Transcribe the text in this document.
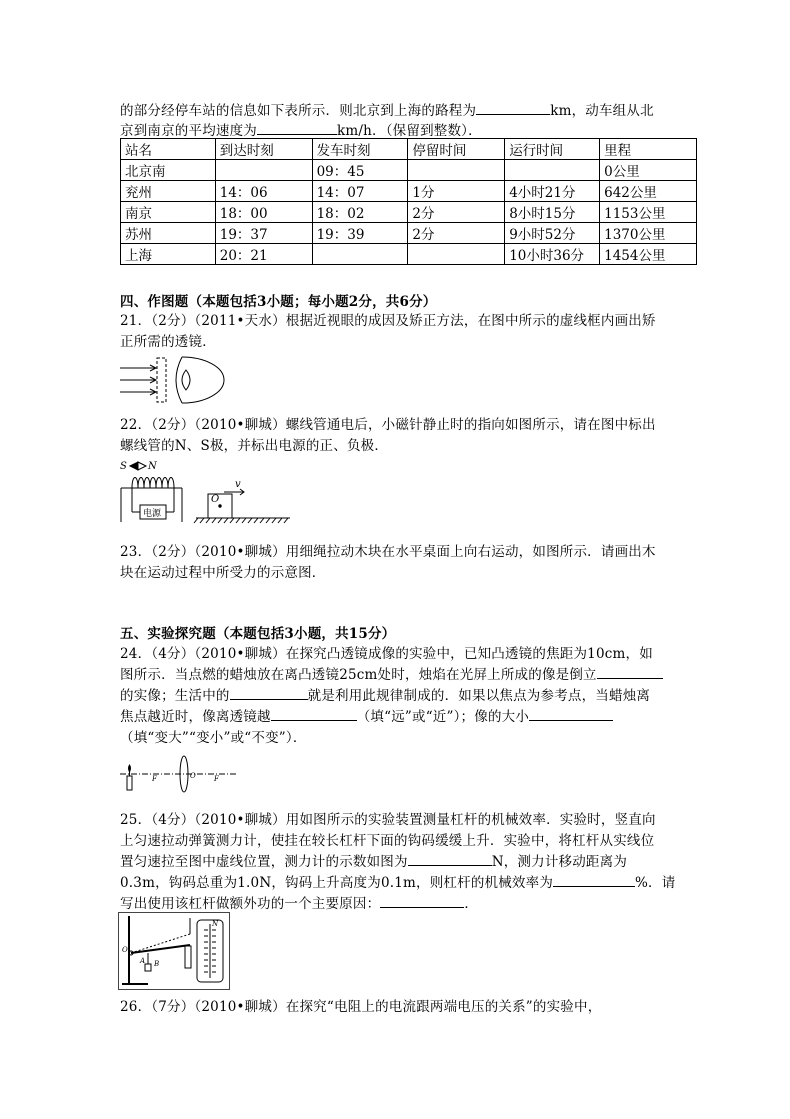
的部分经停车站的信息如下表所示．则北京到上海的路程为	km，动车组从北
京到南京的平均速度为	km/h．（保留到整数）．
站名	到达时刻	发车时刻	停留时间	运行时间	里程
北京南		09：45			0公里
兖州	14：06	14：07	1分	4小时21分	642公里
南京	18：00	18：02	2分	8小时15分	1153公里
苏州	19：37	19：39	2分	9小时52分	1370公里
上海	20：21			10小时36分	1454公里
四、作图题（本题包括3小题；每小题2分，共6分）
21．（2分）（2011•天水）根据近视眼的成因及矫正方法，在图中所示的虚线框内画出矫
正所需的透镜．
22．（2分）（2010•聊城）螺线管通电后，小磁针静止时的指向如图所示，请在图中标出
螺线管的N、S极，并标出电源的正、负极．
S N
电源
O
v
23．（2分）（2010•聊城）用细绳拉动木块在水平桌面上向右运动，如图所示．请画出木
块在运动过程中所受力的示意图．
五、实验探究题（本题包括3小题，共15分）
24．（4分）（2010•聊城）在探究凸透镜成像的实验中，已知凸透镜的焦距为10cm，如
图所示．当点燃的蜡烛放在离凸透镜25cm处时，烛焰在光屏上所成的像是倒立
的实像；生活中的	就是利用此规律制成的．如果以焦点为参考点，当蜡烛离
焦点越近时，像离透镜越	（填“远”或“近”）；像的大小
（填“变大”“变小”或“不变”）．
F	O	F
25．（4分）（2010•聊城）用如图所示的实验装置测量杠杆的机械效率．实验时，竖直向
上匀速拉动弹簧测力计，使挂在较长杠杆下面的钩码缓缓上升．实验中，将杠杆从实线位
置匀速拉至图中虚线位置，测力计的示数如图为	N，测力计移动距离为
0.3m，钩码总重为1.0N，钩码上升高度为0.1m，则杠杆的机械效率为	%．请
写出使用该杠杆做额外功的一个主要原因：	．
O
A B
N
26．（7分）（2010•聊城）在探究“电阻上的电流跟两端电压的关系”的实验中，
